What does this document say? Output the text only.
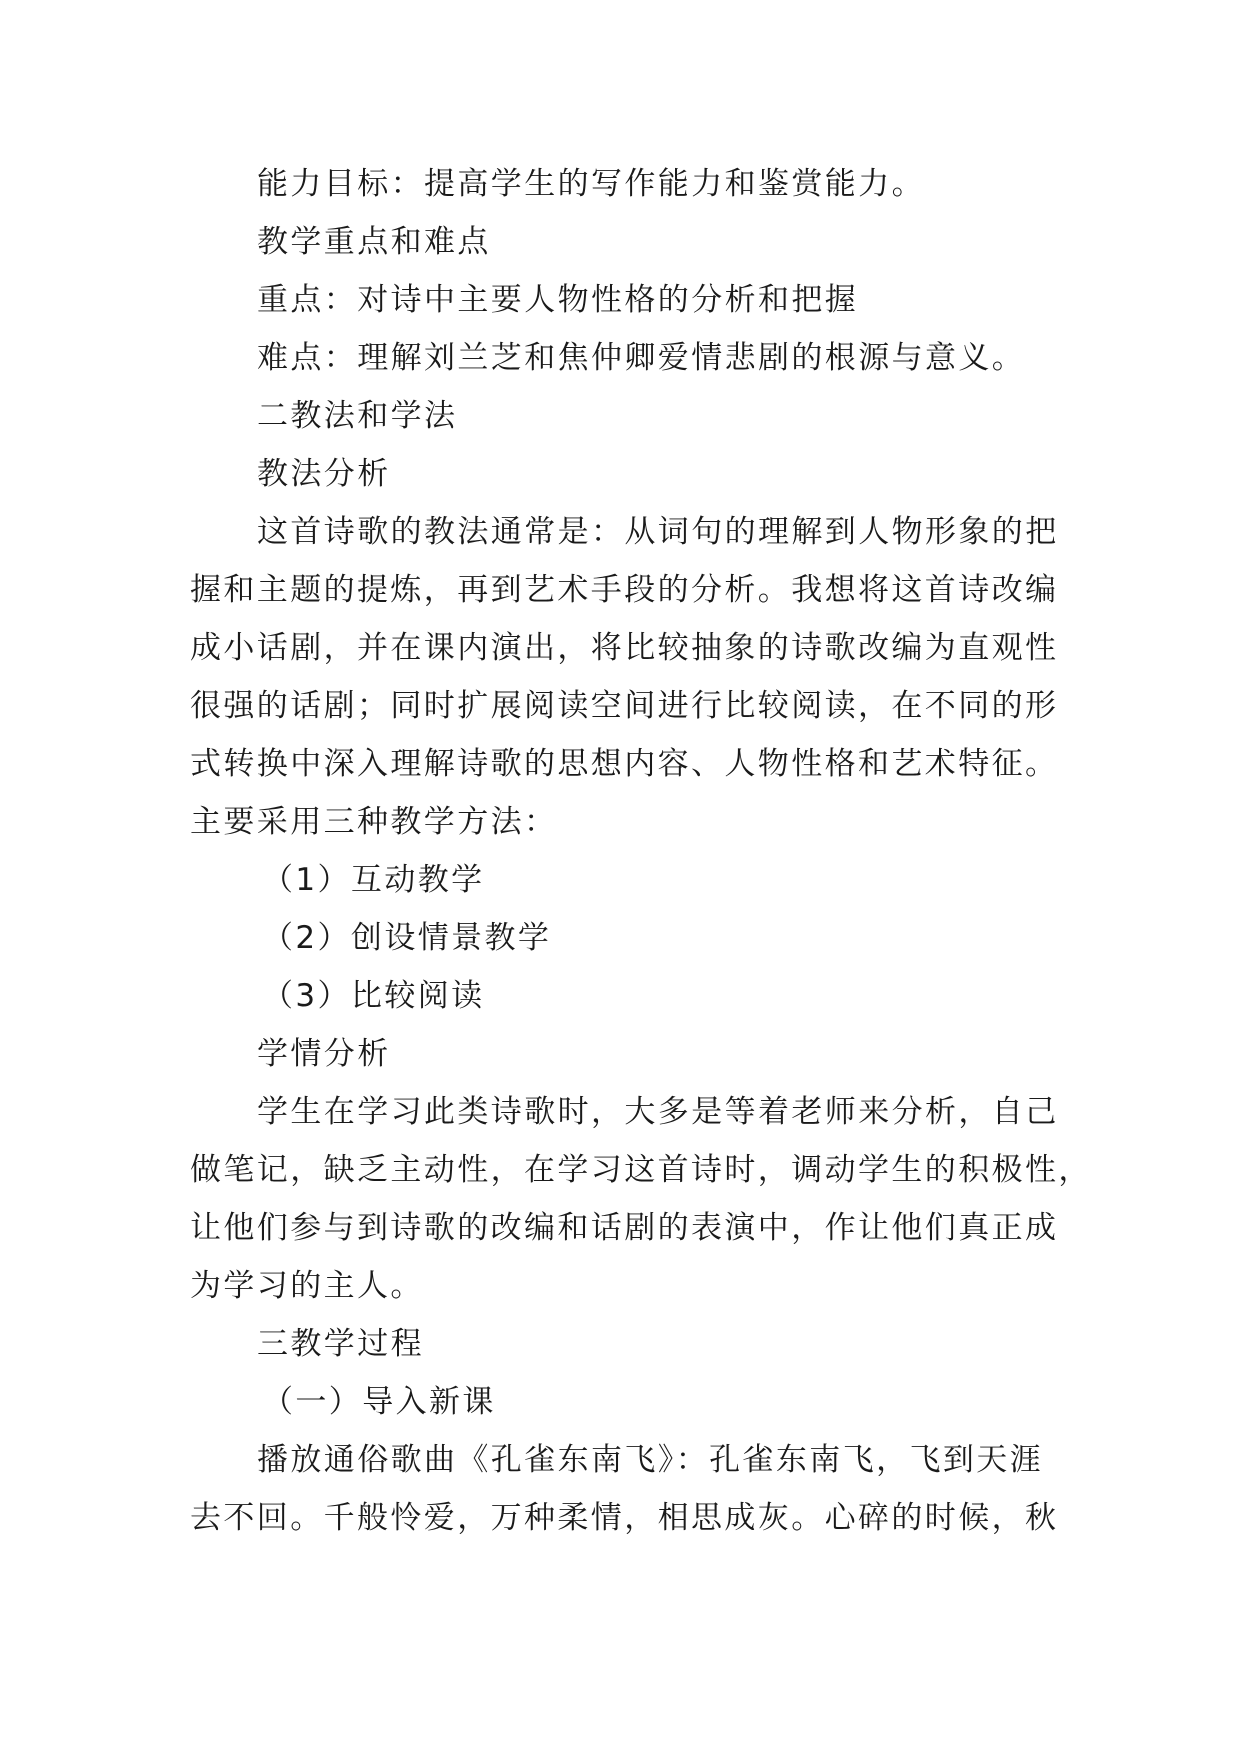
能力目标：提高学生的写作能力和鉴赏能力。
教学重点和难点
重点：对诗中主要人物性格的分析和把握
难点：理解刘兰芝和焦仲卿爱情悲剧的根源与意义。
二教法和学法
教法分析
这首诗歌的教法通常是：从词句的理解到人物形象的把
握和主题的提炼，再到艺术手段的分析。我想将这首诗改编
成小话剧，并在课内演出，将比较抽象的诗歌改编为直观性
很强的话剧；同时扩展阅读空间进行比较阅读，在不同的形
式转换中深入理解诗歌的思想内容、人物性格和艺术特征。
主要采用三种教学方法：
（1）互动教学
（2）创设情景教学
（3）比较阅读
学情分析
学生在学习此类诗歌时，大多是等着老师来分析，自己
做笔记，缺乏主动性，在学习这首诗时，调动学生的积极性，
让他们参与到诗歌的改编和话剧的表演中，作让他们真正成
为学习的主人。
三教学过程
（一）导入新课
播放通俗歌曲《孔雀东南飞》：孔雀东南飞，飞到天涯
去不回。千般怜爱，万种柔情，相思成灰。心碎的时候，秋
